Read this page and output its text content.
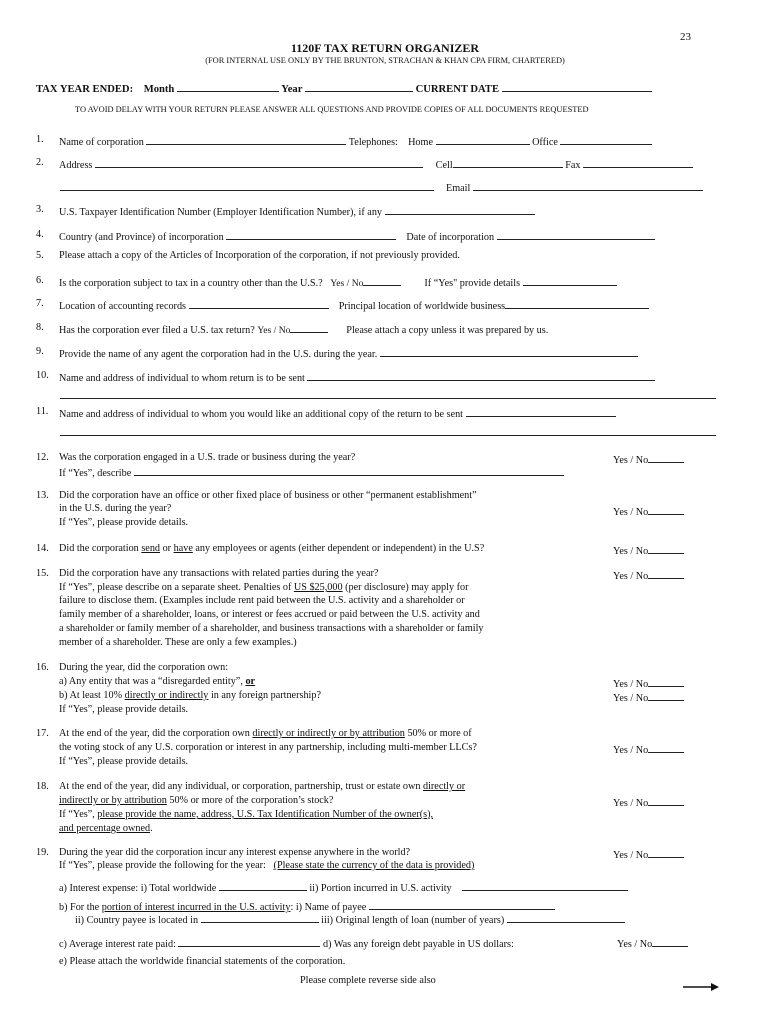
23
1120F TAX RETURN ORGANIZER
(FOR INTERNAL USE ONLY BY THE BRUNTON, STRACHAN & KHAN CPA FIRM, CHARTERED)
TAX YEAR ENDED: Month	Year	CURRENT DATE
TO AVOID DELAY WITH YOUR RETURN PLEASE ANSWER ALL QUESTIONS AND PROVIDE COPIES OF ALL DOCUMENTS REQUESTED
1. Name of corporation	Telephones: Home	Office
2. Address	Cell	Fax
Email
3. U.S. Taxpayer Identification Number (Employer Identification Number), if any
4. Country (and Province) of incorporation	Date of incorporation
5. Please attach a copy of the Articles of Incorporation of the corporation, if not previously provided.
6. Is the corporation subject to tax in a country other than the U.S.? Yes / No	If “Yes" provide details
7. Location of accounting records	Principal location of worldwide business
8. Has the corporation ever filed a U.S. tax return? Yes / No	Please attach a copy unless it was prepared by us.
9. Provide the name of any agent the corporation had in the U.S. during the year.
10. Name and address of individual to whom return is to be sent
11. Name and address of individual to whom you would like an additional copy of the return to be sent
12. Was the corporation engaged in a U.S. trade or business during the year?
If “Yes”, describe
Yes / No
13. Did the corporation have an office or other fixed place of business or other “permanent establishment”
in the U.S. during the year?
If “Yes”, please provide details.
Yes / No
14. Did the corporation send or have any employees or agents (either dependent or independent) in the U.S?	Yes / No
15. Did the corporation have any transactions with related parties during the year?
If “Yes”, please describe on a separate sheet. Penalties of US $25,000 (per disclosure) may apply for
failure to disclose them. (Examples include rent paid between the U.S. activity and a shareholder or
family member of a shareholder, loans, or interest or fees accrued or paid between the U.S. activity and
a shareholder or family member of a shareholder, and business transactions with a shareholder or family
member of a shareholder. These are only a few examples.)
Yes / No
16. During the year, did the corporation own:
a) Any entity that was a “disregarded entity”, or
b) At least 10% directly or indirectly in any foreign partnership?
If “Yes”, please provide details.
Yes / No
Yes / No
17. At the end of the year, did the corporation own directly or indirectly or by attribution 50% or more of
the voting stock of any U.S. corporation or interest in any partnership, including multi-member LLCs?
If “Yes”, please provide details.
Yes / No
18. At the end of the year, did any individual, or corporation, partnership, trust or estate own directly or
indirectly or by attribution 50% or more of the corporation’s stock?
If “Yes”, please provide the name, address, U.S. Tax Identification Number of the owner(s),
and percentage owned.
Yes / No
19. During the year did the corporation incur any interest expense anywhere in the world?
If “Yes”, please provide the following for the year: (Please state the currency of the data is provided)
Yes / No
a) Interest expense: i) Total worldwide	ii) Portion incurred in U.S. activity
b) For the portion of interest incurred in the U.S. activity: i) Name of payee
ii) Country payee is located in	iii) Original length of loan (number of years)
c) Average interest rate paid:	d) Was any foreign debt payable in US dollars:	Yes / No
e) Please attach the worldwide financial statements of the corporation.
Please complete reverse side also
